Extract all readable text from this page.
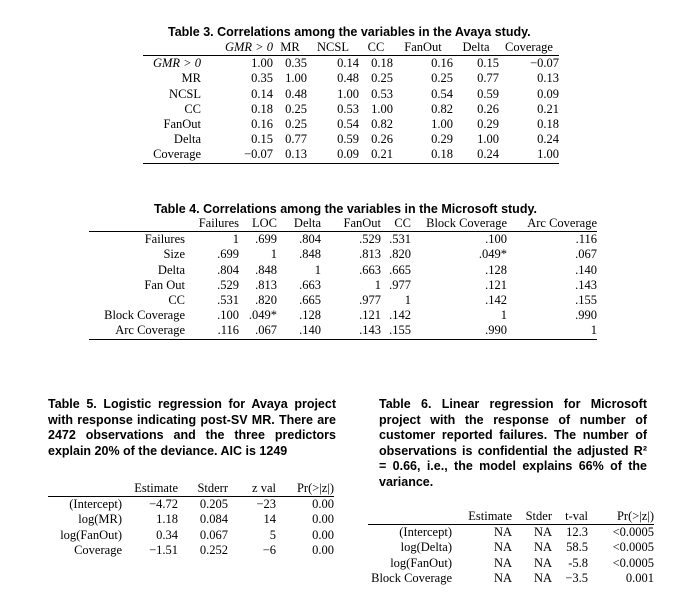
Table 3. Correlations among the variables in the Avaya study.
	GMR > 0	MR	NCSL	CC	FanOut	Delta	Coverage
GMR > 0	1.00	0.35	0.14	0.18	0.16	0.15	−0.07
MR	0.35	1.00	0.48	0.25	0.25	0.77	0.13
NCSL	0.14	0.48	1.00	0.53	0.54	0.59	0.09
CC	0.18	0.25	0.53	1.00	0.82	0.26	0.21
FanOut	0.16	0.25	0.54	0.82	1.00	0.29	0.18
Delta	0.15	0.77	0.59	0.26	0.29	1.00	0.24
Coverage	−0.07	0.13	0.09	0.21	0.18	0.24	1.00
Table 4. Correlations among the variables in the Microsoft study.
	Failures	LOC	Delta	FanOut	CC	Block Coverage	Arc Coverage
Failures	1	.699	.804	.529	.531	.100	.116
Size	.699	1	.848	.813	.820	.049*	.067
Delta	.804	.848	1	.663	.665	.128	.140
Fan Out	.529	.813	.663	1	.977	.121	.143
CC	.531	.820	.665	.977	1	.142	.155
Block Coverage	.100	.049*	.128	.121	.142	1	.990
Arc Coverage	.116	.067	.140	.143	.155	.990	1
Table 5. Logistic regression for Avaya project with response indicating post-SV MR. There are 2472 observations and the three predictors explain 20% of the deviance. AIC is 1249
	Estimate	Stderr	z val	Pr(>|z|)
(Intercept)	−4.72	0.205	−23	0.00
log(MR)	1.18	0.084	14	0.00
log(FanOut)	0.34	0.067	5	0.00
Coverage	−1.51	0.252	−6	0.00
Table 6. Linear regression for Microsoft project with the response of number of customer reported failures. The number of observations is confidential the adjusted R² = 0.66, i.e., the model explains 66% of the variance.
	Estimate	Stder	t-val	Pr(>|z|)
(Intercept)	NA	NA	12.3	<0.0005
log(Delta)	NA	NA	58.5	<0.0005
log(FanOut)	NA	NA	-5.8	<0.0005
Block Coverage	NA	NA	−3.5	0.001
